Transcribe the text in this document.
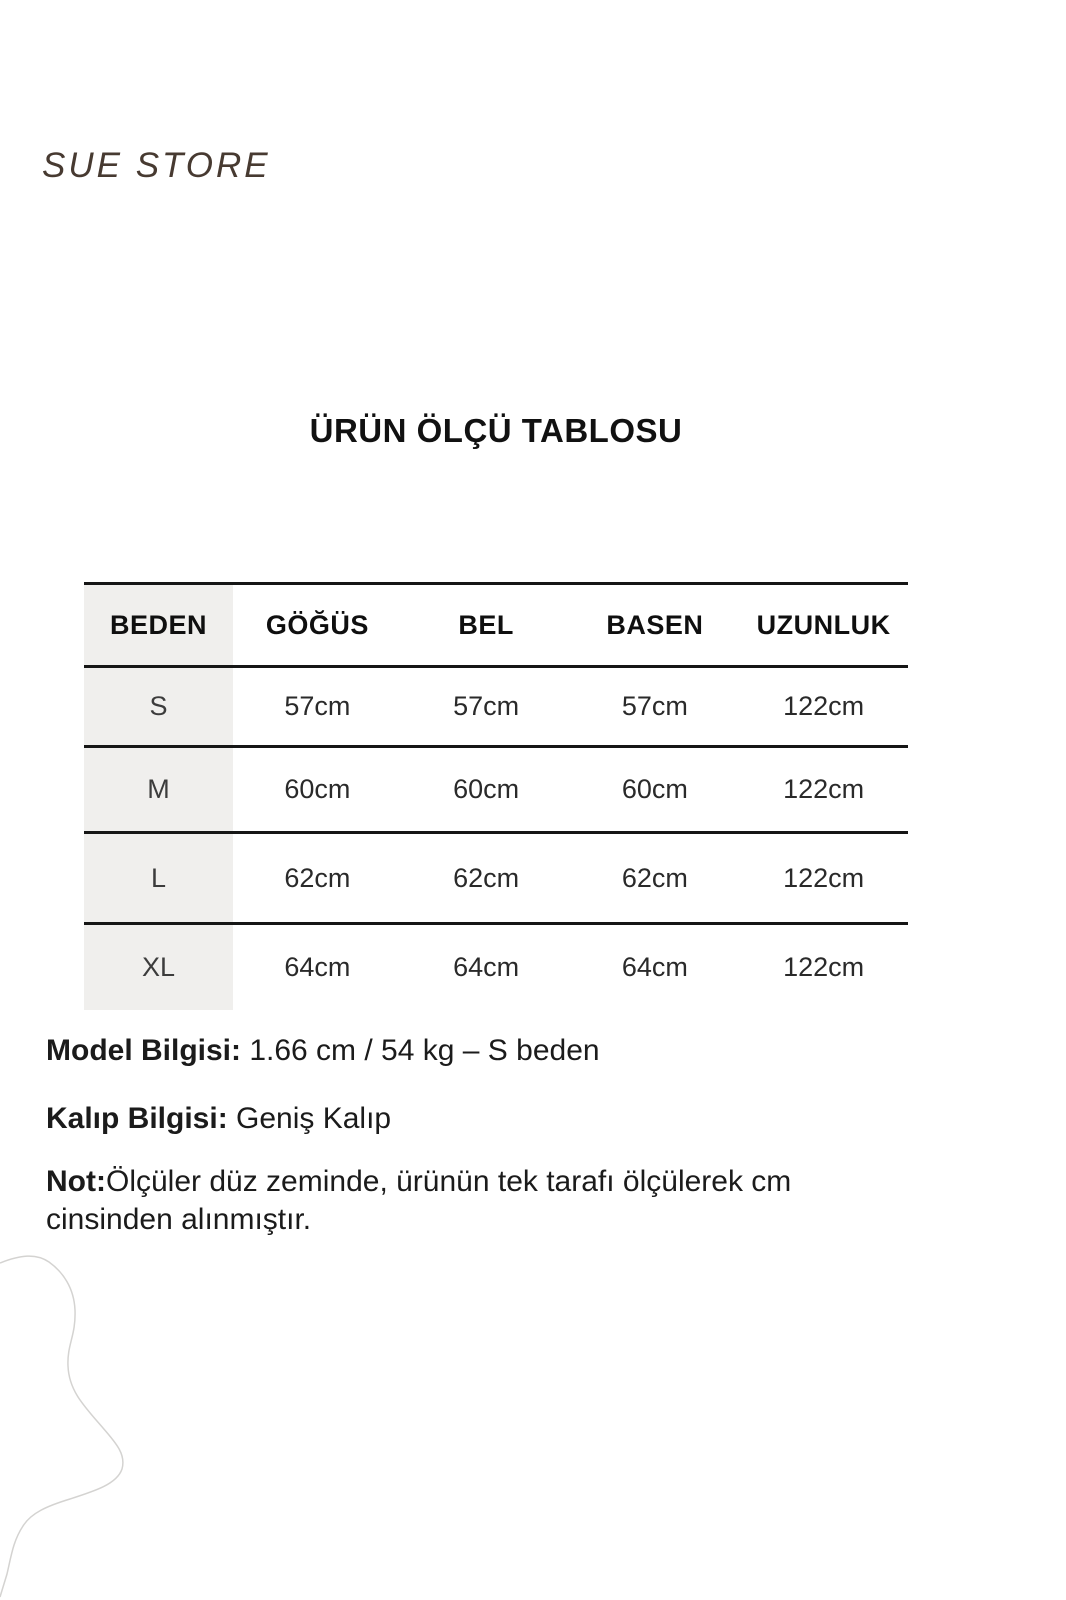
SUE STORE
ÜRÜN ÖLÇÜ TABLOSU
BEDEN	GÖĞÜS	BEL	BASEN	UZUNLUK
S	57cm	57cm	57cm	122cm
M	60cm	60cm	60cm	122cm
L	62cm	62cm	62cm	122cm
XL	64cm	64cm	64cm	122cm

Model Bilgisi: 1.66 cm / 54 kg – S beden

Kalıp Bilgisi: Geniş Kalıp

Not:Ölçüler düz zeminde, ürünün tek tarafı ölçülerek cm cinsinden alınmıştır.
